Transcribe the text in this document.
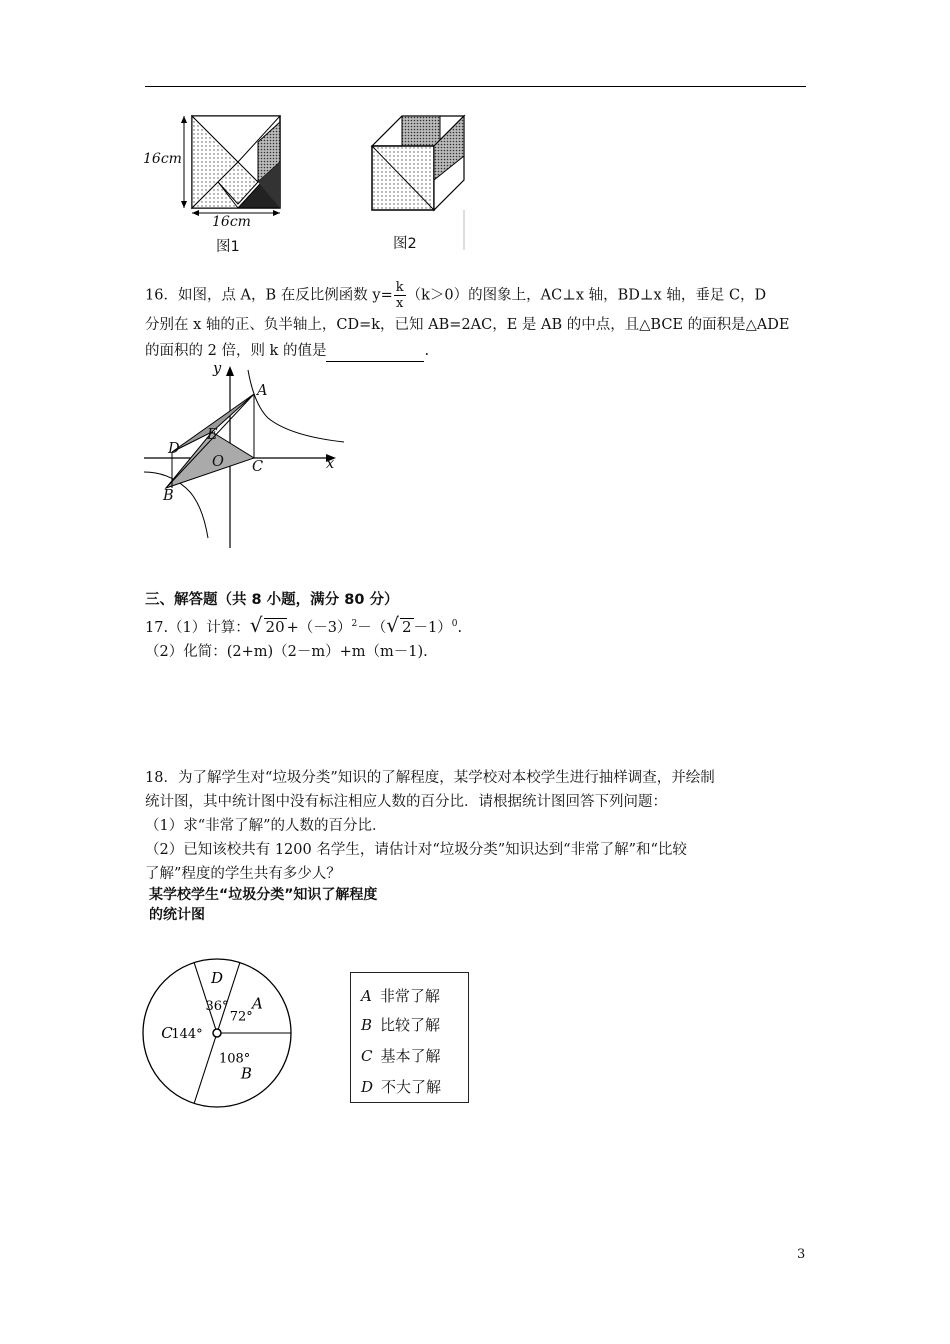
16cm
16cm
图1	图2
16．如图，点 A，B 在反比例函数 $y= \frac{k}{x} (k>0)$的图象上，AC⊥x 轴，BD⊥x 轴，垂足 C，D
分别在 x 轴的正、负半轴上，CD=k，已知 AB=2AC，E 是 AB 的中点，且△BCE 的面积是△ADE
的面积的 2 倍，则 k 的值是	.
y
A
E
D
O C	x
B
三、解答题（共 8 小题，满分 80 分）
17.（1）计算：√ $20 +(-3)^2-(√$ 2 －1）$^0$.
（2）化简：(2+m)（2－m）+m（m－1).
18．为了解学生对“垃圾分类”知识的了解程度，某学校对本校学生进行抽样调查，并绘制
统计图，其中统计图中没有标注相应人数的百分比．请根据统计图回答下列问题：
（1）求“非常了解”的人数的百分比．
（2）已知该校共有 1200 名学生，请估计对“垃圾分类”知识达到“非常了解”和“比较
了解”程度的学生共有多少人？
某学校学生“垃圾分类”知识了解程度
的统计图
A
72°
D
36°
C
144°
B
108°
A 非常了解
B 比较了解
C 基本了解
D 不大了解
3
